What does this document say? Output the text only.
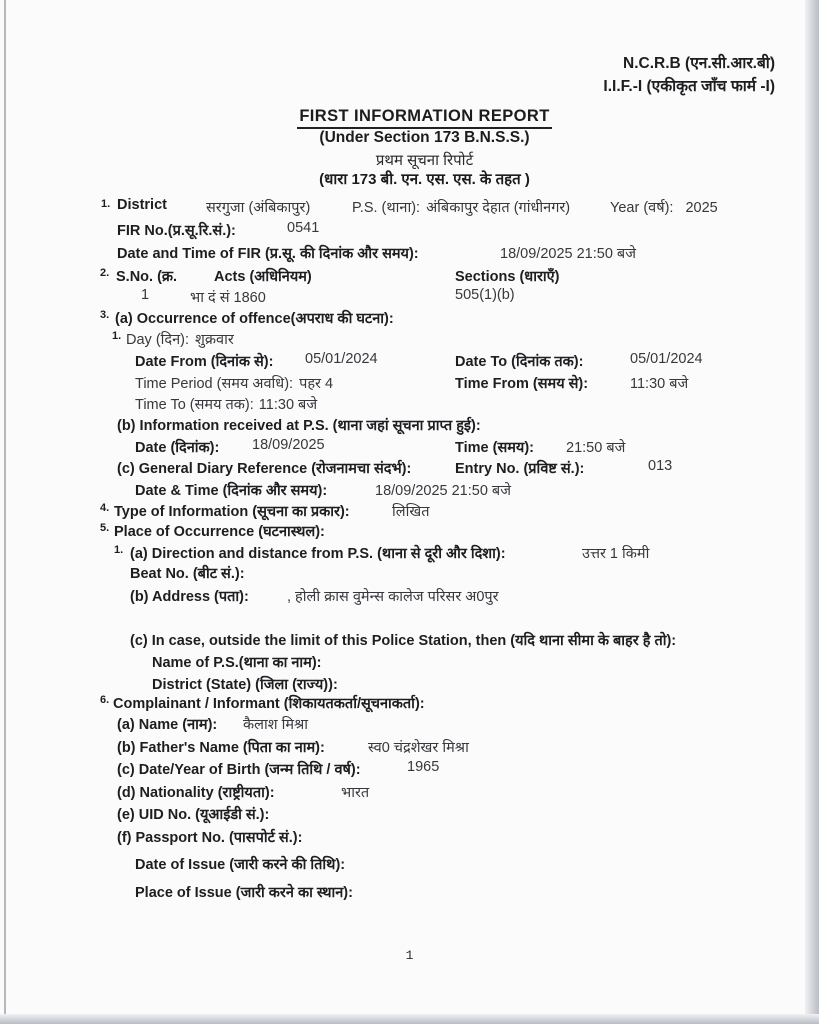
N.C.R.B (एन.सी.आर.बी)
I.I.F.-I (एकीकृत जाँच फार्म -I)
FIRST INFORMATION REPORT
(Under Section 173 B.N.S.S.)
प्रथम सूचना रिपोर्ट
(धारा 173 बी. एन. एस. एस. के तहत )
1. District	सरगुजा (अंबिकापुर)	P.S. (थाना): अंबिकापुर देहात (गांधीनगर)	Year (वर्ष): 2025
FIR No.(प्र.सू.रि.सं.):	0541
Date and Time of FIR (प्र.सू. की दिनांक और समय):	18/09/2025 21:50 बजे
2. S.No. (क्र.	Acts (अधिनियम)	Sections (धाराएँ)
1	भा दं सं 1860	505(1)(b)
3. (a) Occurrence of offence(अपराध की घटना):
1. Day (दिन): शुक्रवार
Date From (दिनांक से): 05/01/2024	Date To (दिनांक तक):	05/01/2024
Time Period (समय अवधि): पहर 4	Time From (समय से):	11:30 बजे
Time To (समय तक): 11:30 बजे
(b) Information received at P.S. (थाना जहां सूचना प्राप्त हुई):
Date (दिनांक): 18/09/2025	Time (समय): 21:50 बजे
(c) General Diary Reference (रोजनामचा संदर्भ):	Entry No. (प्रविष्ट सं.):	013
Date & Time (दिनांक और समय):	18/09/2025 21:50 बजे
4. Type of Information (सूचना का प्रकार):	लिखित
5. Place of Occurrence (घटनास्थल):
1. (a) Direction and distance from P.S. (थाना से दूरी और दिशा):	उत्तर 1 किमी
Beat No. (बीट सं.):
(b) Address (पता):	, होली क्रास वुमेन्स कालेज परिसर अ0पुर
(c) In case, outside the limit of this Police Station, then (यदि थाना सीमा के बाहर है तो):
Name of P.S.(थाना का नाम):
District (State) (जिला (राज्य)):
6. Complainant / Informant (शिकायतकर्ता/सूचनाकर्ता):
(a) Name (नाम): कैलाश मिश्रा
(b) Father's Name (पिता का नाम):	स्व0 चंद्रशेखर मिश्रा
(c) Date/Year of Birth (जन्म तिथि / वर्ष):	1965
(d) Nationality (राष्ट्रीयता):	भारत
(e) UID No. (यूआईडी सं.):
(f) Passport No. (पासपोर्ट सं.):
Date of Issue (जारी करने की तिथि):
Place of Issue (जारी करने का स्थान):
1
